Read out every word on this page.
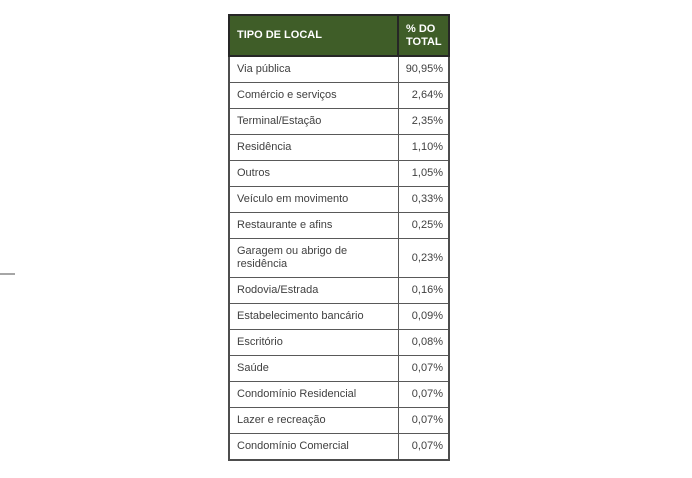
TIPO DE LOCAL	% DO TOTAL
Via pública	90,95%
Comércio e serviços	2,64%
Terminal/Estação	2,35%
Residência	1,10%
Outros	1,05%
Veículo em movimento	0,33%
Restaurante e afins	0,25%
Garagem ou abrigo de residência	0,23%
Rodovia/Estrada	0,16%
Estabelecimento bancário	0,09%
Escritório	0,08%
Saúde	0,07%
Condomínio Residencial	0,07%
Lazer e recreação	0,07%
Condomínio Comercial	0,07%
